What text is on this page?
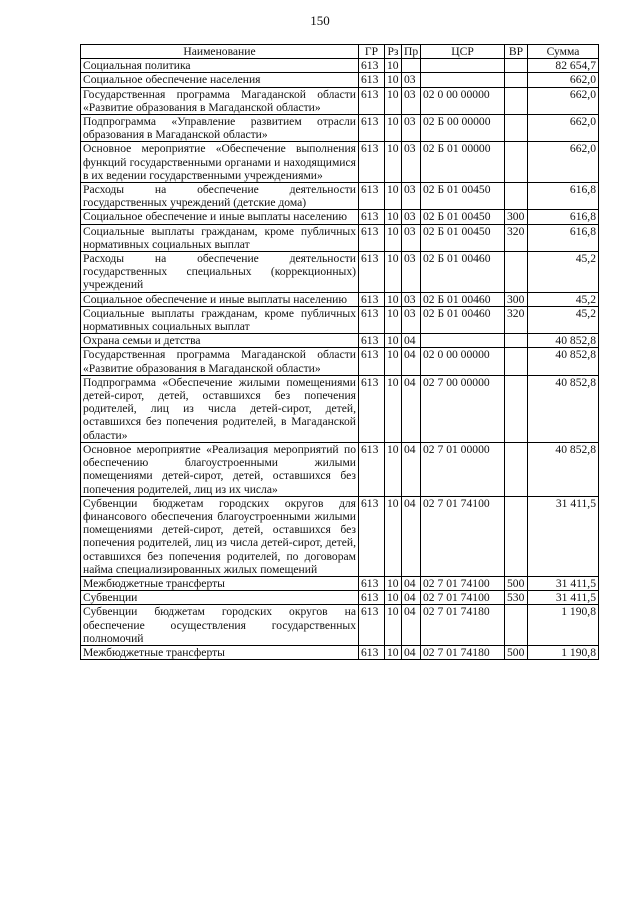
150
Наименование	ГР	Рз	Пр	ЦСР	ВР	Сумма
Социальная политика	613	10				82 654,7
Социальное обеспечение населения	613	10	03			662,0
Государственная программа Магаданской области «Развитие образования в Магаданской области»	613	10	03	02 0 00 00000		662,0
Подпрограмма «Управление развитием отрасли образования в Магаданской области»	613	10	03	02 Б 00 00000		662,0
Основное мероприятие «Обеспечение выполнения функций государственными органами и находящимися в их ведении государственными учреждениями»	613	10	03	02 Б 01 00000		662,0
Расходы на обеспечение деятельности государственных учреждений (детские дома)	613	10	03	02 Б 01 00450		616,8
Социальное обеспечение и иные выплаты населению	613	10	03	02 Б 01 00450	300	616,8
Социальные выплаты гражданам, кроме публичных нормативных социальных выплат	613	10	03	02 Б 01 00450	320	616,8
Расходы на обеспечение деятельности государственных специальных (коррекционных) учреждений	613	10	03	02 Б 01 00460		45,2
Социальное обеспечение и иные выплаты населению	613	10	03	02 Б 01 00460	300	45,2
Социальные выплаты гражданам, кроме публичных нормативных социальных выплат	613	10	03	02 Б 01 00460	320	45,2
Охрана семьи и детства	613	10	04			40 852,8
Государственная программа Магаданской области «Развитие образования в Магаданской области»	613	10	04	02 0 00 00000		40 852,8
Подпрограмма «Обеспечение жилыми помещениями детей-сирот, детей, оставшихся без попечения родителей, лиц из числа детей-сирот, детей, оставшихся без попечения родителей, в Магаданской области»	613	10	04	02 7 00 00000		40 852,8
Основное мероприятие «Реализация мероприятий по обеспечению благоустроенными жилыми помещениями детей-сирот, детей, оставшихся без попечения родителей, лиц из их числа»	613	10	04	02 7 01 00000		40 852,8
Субвенции бюджетам городских округов для финансового обеспечения благоустроенными жилыми помещениями детей-сирот, детей, оставшихся без попечения родителей, лиц из числа детей-сирот, детей, оставшихся без попечения родителей, по договорам найма специализированных жилых помещений	613	10	04	02 7 01 74100		31 411,5
Межбюджетные трансферты	613	10	04	02 7 01 74100	500	31 411,5
Субвенции	613	10	04	02 7 01 74100	530	31 411,5
Субвенции бюджетам городских округов на обеспечение осуществления государственных полномочий	613	10	04	02 7 01 74180		1 190,8
Межбюджетные трансферты	613	10	04	02 7 01 74180	500	1 190,8
